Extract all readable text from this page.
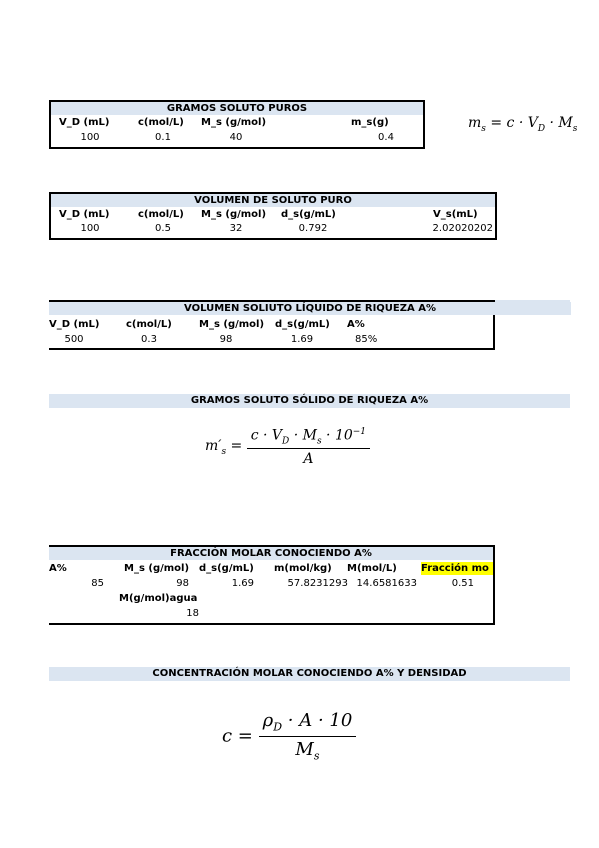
GRAMOS SOLUTO PUROS
V_D (mL)	c(mol/L) M_s (g/mol)	m_s(g)
100	0.1	40	0.4
$m_s = c \cdot V_D \cdot M_s$
VOLUMEN DE SOLUTO PURO
V_D (mL)	c(mol/L) M_s (g/mol) d_s(g/mL)	V_s(mL)
100	0.5	32	0.792	2.02020202
VOLUMEN SOLIUTO LÍQUIDO DE RIQUEZA A%
V_D (mL)	c(mol/L)	M_s (g/mol) d_s(g/mL) A%
500	0.3	98	1.69	85%
GRAMOS SOLUTO SÓLIDO DE RIQUEZA A%
$m'_s = \frac{c \cdot V_D \cdot M_s \cdot 10^{-1}}{A}$
FRACCIÓN MOLAR CONOCIENDO A%
A%	M_s (g/mol) d_s(g/mL) m(mol/kg) M(mol/L) Fracción mo
85	98	1.69	57.8231293 14.6581633	0.51
M(g/mol)agua
18
CONCENTRACIÓN MOLAR CONOCIENDO A% Y DENSIDAD
$c = \frac{\rho_D \cdot A \cdot 10}{M_s}$
